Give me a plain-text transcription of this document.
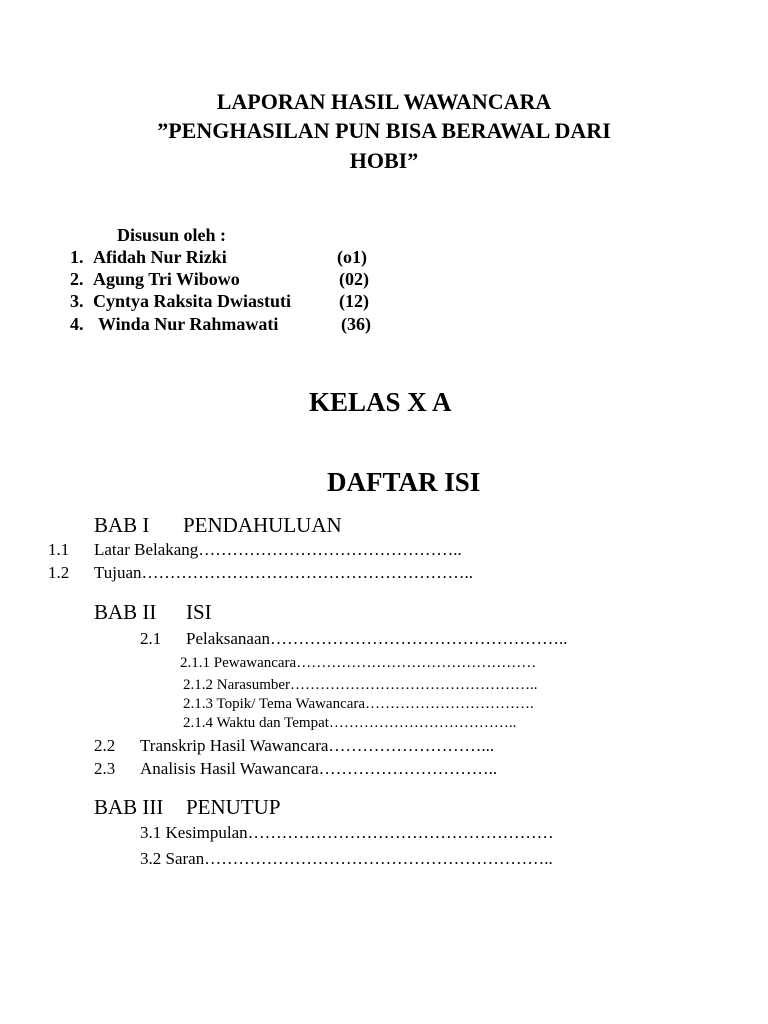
LAPORAN HASIL WAWANCARA
”PENGHASILAN PUN BISA BERAWAL DARI
HOBI”
Disusun oleh :
1. Afidah Nur Rizki	(o1)
2. Agung Tri Wibowo	(02)
3. Cyntya Raksita Dwiastuti	(12)
4. Winda Nur Rahmawati	(36)
KELAS X A
DAFTAR ISI
BAB I PENDAHULUAN
1.1 Latar Belakang………………………………………..
1.2 Tujuan…………………………………………………..
BAB II ISI
2.1 Pelaksanaan……………………………………………..
2.1.1 Pewawancara…………………………………………
2.1.2 Narasumber…………………………………………..
2.1.3 Topik/ Tema Wawancara…………………………….
2.1.4 Waktu dan Tempat………………………………..
2.2 Transkrip Hasil Wawancara………………………...
2.3 Analisis Hasil Wawancara…………………………..
BAB III PENUTUP
3.1 Kesimpulan………………………………………………
3.2 Saran……………………………………………………..
